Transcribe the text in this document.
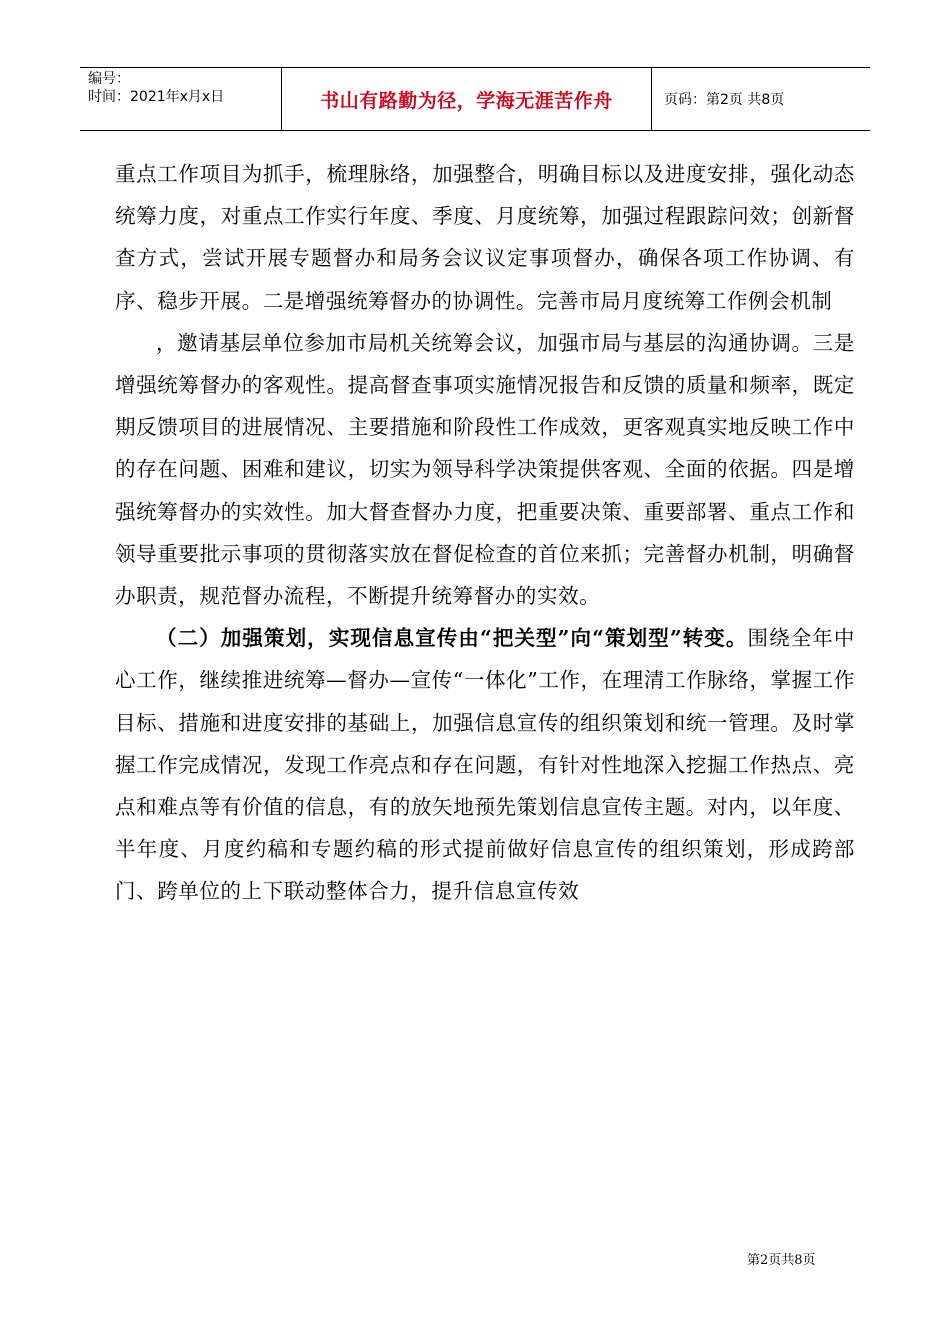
编号：
时间：2021年x月x日	书山有路勤为径，学海无涯苦作舟	页码：第2页 共8页

重点工作项目为抓手，梳理脉络，加强整合，明确目标以及进度安排，强化动态统筹力度，对重点工作实行年度、季度、月度统筹，加强过程跟踪问效；创新督查方式，尝试开展专题督办和局务会议议定事项督办，确保各项工作协调、有序、稳步开展。二是增强统筹督办的协调性。完善市局月度统筹工作例会机制

，邀请基层单位参加市局机关统筹会议，加强市局与基层的沟通协调。三是增强统筹督办的客观性。提高督查事项实施情况报告和反馈的质量和频率，既定期反馈项目的进展情况、主要措施和阶段性工作成效，更客观真实地反映工作中的存在问题、困难和建议，切实为领导科学决策提供客观、全面的依据。四是增强统筹督办的实效性。加大督查督办力度，把重要决策、重要部署、重点工作和领导重要批示事项的贯彻落实放在督促检查的首位来抓；完善督办机制，明确督办职责，规范督办流程，不断提升统筹督办的实效。

（二）加强策划，实现信息宣传由“把关型”向“策划型”转变。围绕全年中心工作，继续推进统筹—督办—宣传“一体化”工作，在理清工作脉络，掌握工作目标、措施和进度安排的基础上，加强信息宣传的组织策划和统一管理。及时掌握工作完成情况，发现工作亮点和存在问题，有针对性地深入挖掘工作热点、亮点和难点等有价值的信息，有的放矢地预先策划信息宣传主题。对内，以年度、半年度、月度约稿和专题约稿的形式提前做好信息宣传的组织策划，形成跨部门、跨单位的上下联动整体合力，提升信息宣传效

第2页共8页
